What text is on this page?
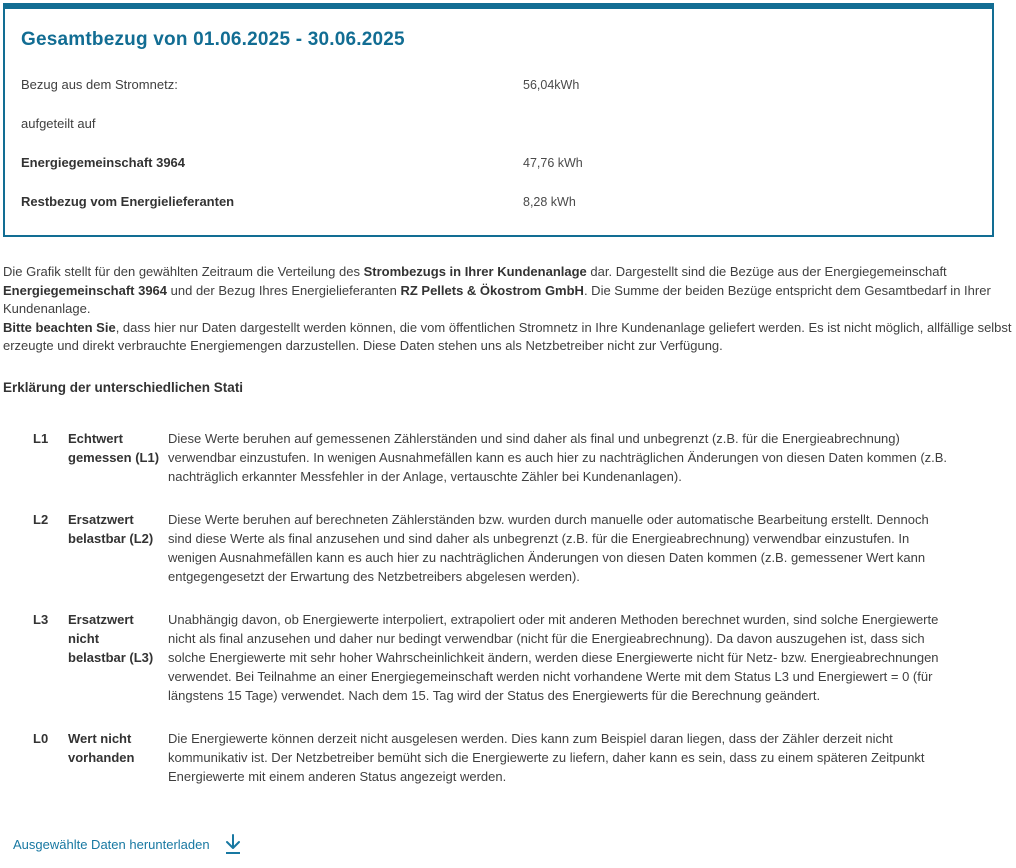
Gesamtbezug von 01.06.2025 - 30.06.2025
Bezug aus dem Stromnetz:	56,04kWh
aufgeteilt auf
Energiegemeinschaft 3964	47,76 kWh
Restbezug vom Energielieferanten	8,28 kWh

Die Grafik stellt für den gewählten Zeitraum die Verteilung des Strombezugs in Ihrer Kundenanlage dar. Dargestellt sind die Bezüge aus der Energiegemeinschaft Energiegemeinschaft 3964 und der Bezug Ihres Energielieferanten RZ Pellets & Ökostrom GmbH. Die Summe der beiden Bezüge entspricht dem Gesamtbedarf in Ihrer Kundenanlage.

Bitte beachten Sie, dass hier nur Daten dargestellt werden können, die vom öffentlichen Stromnetz in Ihre Kundenanlage geliefert werden. Es ist nicht möglich, allfällige selbst erzeugte und direkt verbrauchte Energiemengen darzustellen. Diese Daten stehen uns als Netzbetreiber nicht zur Verfügung.

Erklärung der unterschiedlichen Stati
L1	Echtwert gemessen (L1)
Diese Werte beruhen auf gemessenen Zählerständen und sind daher als final und unbegrenzt (z.B. für die Energieabrechnung) verwendbar einzustufen. In wenigen Ausnahmefällen kann es auch hier zu nachträglichen Änderungen von diesen Daten kommen (z.B. nachträglich erkannter Messfehler in der Anlage, vertauschte Zähler bei Kundenanlagen).
L2	Ersatzwert belastbar (L2)
Diese Werte beruhen auf berechneten Zählerständen bzw. wurden durch manuelle oder automatische Bearbeitung erstellt. Dennoch sind diese Werte als final anzusehen und sind daher als unbegrenzt (z.B. für die Energieabrechnung) verwendbar einzustufen. In wenigen Ausnahmefällen kann es auch hier zu nachträglichen Änderungen von diesen Daten kommen (z.B. gemessener Wert kann entgegengesetzt der Erwartung des Netzbetreibers abgelesen werden).
L3	Ersatzwert nicht belastbar (L3)
Unabhängig davon, ob Energiewerte interpoliert, extrapoliert oder mit anderen Methoden berechnet wurden, sind solche Energiewerte nicht als final anzusehen und daher nur bedingt verwendbar (nicht für die Energieabrechnung). Da davon auszugehen ist, dass sich solche Energiewerte mit sehr hoher Wahrscheinlichkeit ändern, werden diese Energiewerte nicht für Netz- bzw. Energieabrechnungen verwendet. Bei Teilnahme an einer Energiegemeinschaft werden nicht vorhandene Werte mit dem Status L3 und Energiewert = 0 (für längstens 15 Tage) verwendet. Nach dem 15. Tag wird der Status des Energiewerts für die Berechnung geändert.
L0	Wert nicht vorhanden
Die Energiewerte können derzeit nicht ausgelesen werden. Dies kann zum Beispiel daran liegen, dass der Zähler derzeit nicht kommunikativ ist. Der Netzbetreiber bemüht sich die Energiewerte zu liefern, daher kann es sein, dass zu einem späteren Zeitpunkt Energiewerte mit einem anderen Status angezeigt werden.
Ausgewählte Daten herunterladen
